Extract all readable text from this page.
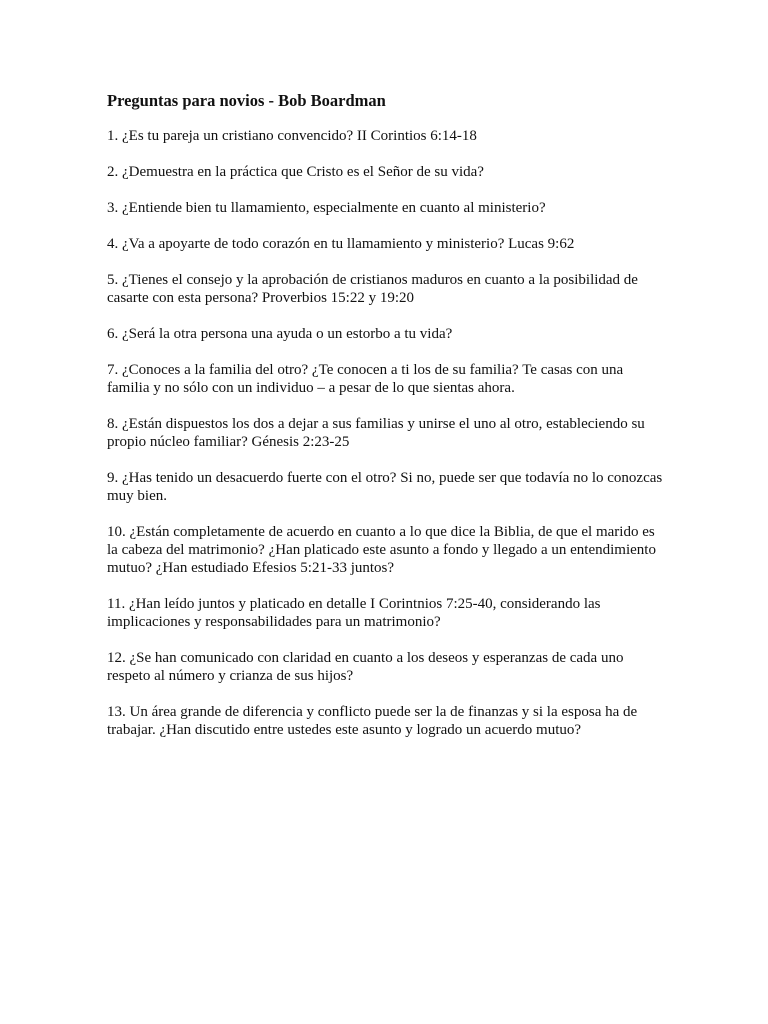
Preguntas para novios - Bob Boardman

1. ¿Es tu pareja un cristiano convencido? II Corintios 6:14-18

2. ¿Demuestra en la práctica que Cristo es el Señor de su vida?

3. ¿Entiende bien tu llamamiento, especialmente en cuanto al ministerio?

4. ¿Va a apoyarte de todo corazón en tu llamamiento y ministerio? Lucas 9:62

5. ¿Tienes el consejo y la aprobación de cristianos maduros en cuanto a la posibilidad de casarte con esta persona? Proverbios 15:22 y 19:20

6. ¿Será la otra persona una ayuda o un estorbo a tu vida?

7. ¿Conoces a la familia del otro? ¿Te conocen a ti los de su familia? Te casas con una familia y no sólo con un individuo – a pesar de lo que sientas ahora.

8. ¿Están dispuestos los dos a dejar a sus familias y unirse el uno al otro, estableciendo su propio núcleo familiar? Génesis 2:23-25

9. ¿Has tenido un desacuerdo fuerte con el otro? Si no, puede ser que todavía no lo conozcas muy bien.

10. ¿Están completamente de acuerdo en cuanto a lo que dice la Biblia, de que el marido es la cabeza del matrimonio? ¿Han platicado este asunto a fondo y llegado a un entendimiento mutuo? ¿Han estudiado Efesios 5:21-33 juntos?

11. ¿Han leído juntos y platicado en detalle I Corintnios 7:25-40, considerando las implicaciones y responsabilidades para un matrimonio?

12. ¿Se han comunicado con claridad en cuanto a los deseos y esperanzas de cada uno respeto al número y crianza de sus hijos?

13. Un área grande de diferencia y conflicto puede ser la de finanzas y si la esposa ha de trabajar. ¿Han discutido entre ustedes este asunto y logrado un acuerdo mutuo?
